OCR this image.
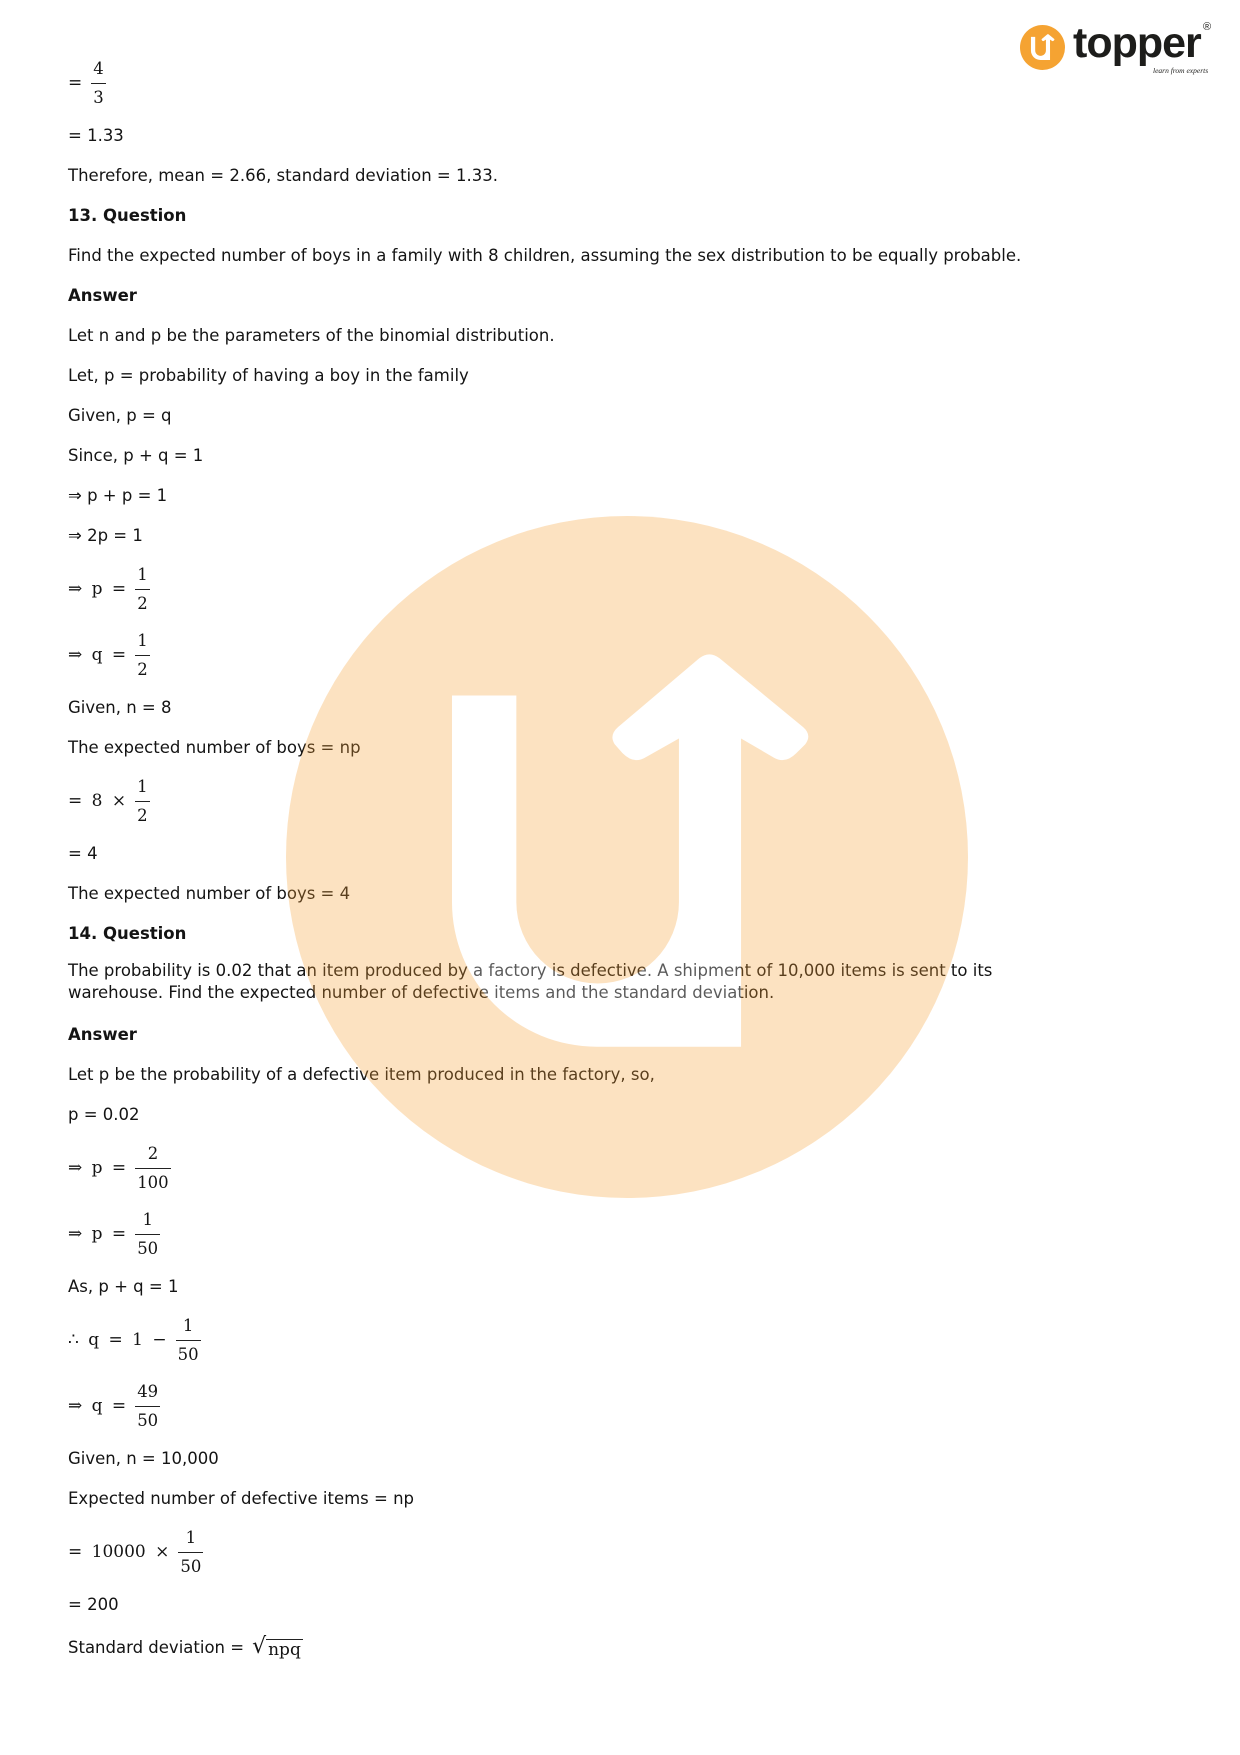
topper ®
learn from experts
= $\frac{4}{3}$
= 1.33
Therefore, mean = 2.66, standard deviation = 1.33.
13. Question
Find the expected number of boys in a family with 8 children, assuming the sex distribution to be equally probable.
Answer
Let n and p be the parameters of the binomial distribution.
Let, p = probability of having a boy in the family
Given, p = q
Since, p + q = 1
⇒ p + p = 1
⇒ 2p = 1
⇒ $p = \frac{1}{2}$
⇒ $q = \frac{1}{2}$
Given, n = 8
The expected number of boys = np
= $8 \times \frac{1}{2}$
= 4
The expected number of boys = 4
14. Question
The probability is 0.02 that an item produced by a factory is defective. A shipment of 10,000 items is sent to its
warehouse. Find the expected number of defective items and the standard deviation.
Answer
Let p be the probability of a defective item produced in the factory, so,
p = 0.02
⇒ $p = \frac{2}{100}$
⇒ $p = \frac{1}{50}$
As, p + q = 1
∴ $q = 1 - \frac{1}{50}$
⇒ $q = \frac{49}{50}$
Given, n = 10,000
Expected number of defective items = np
= $10000 \times \frac{1}{50}$
= 200
Standard deviation = √ npq
